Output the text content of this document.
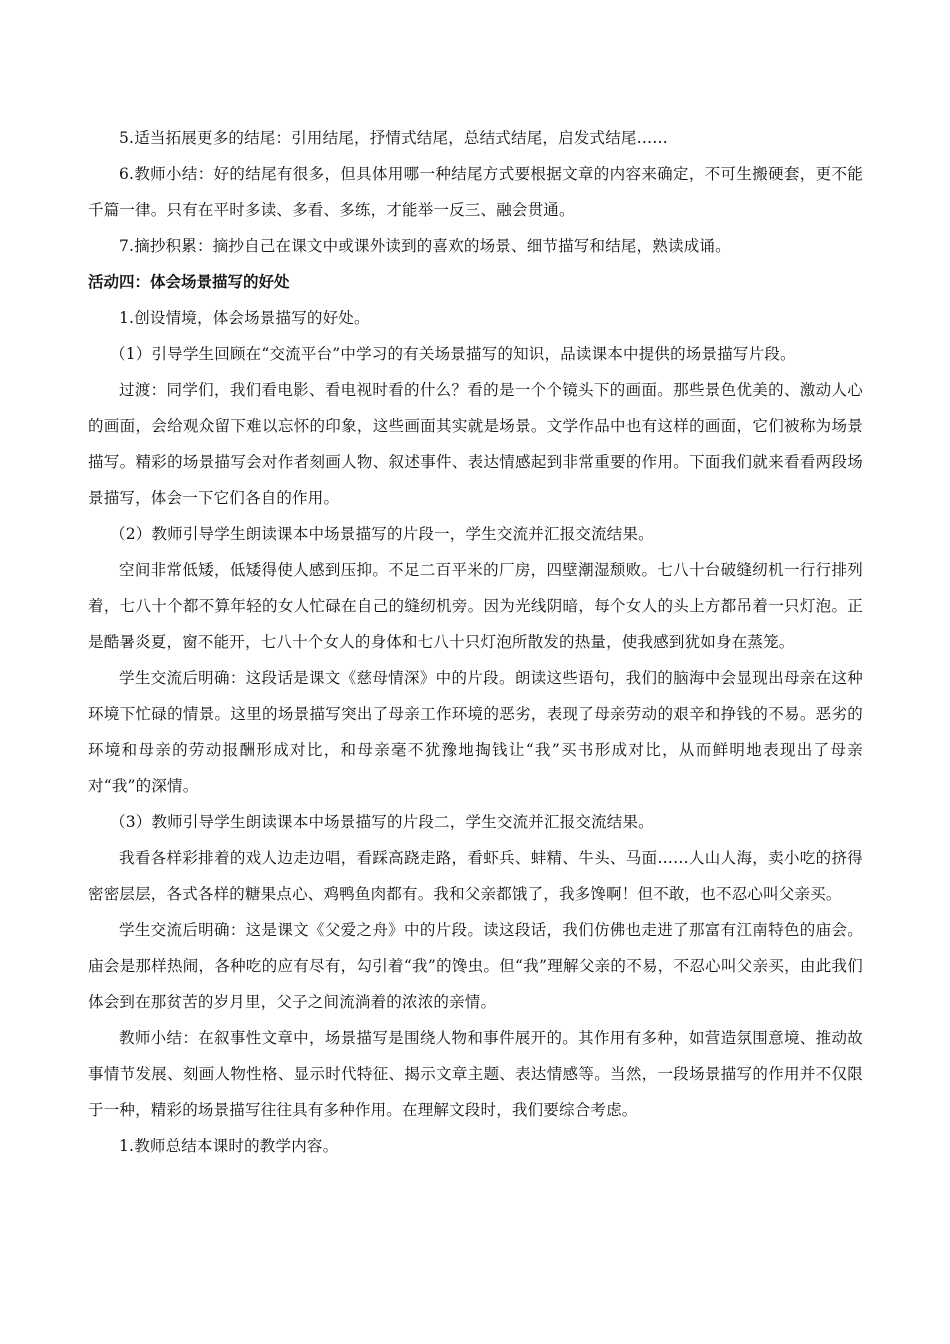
5.适当拓展更多的结尾：引用结尾，抒情式结尾，总结式结尾，启发式结尾……

6.教师小结：好的结尾有很多，但具体用哪一种结尾方式要根据文章的内容来确定，不可生搬硬套，更不能千篇一律。只有在平时多读、多看、多练，才能举一反三、融会贯通。

7.摘抄积累：摘抄自己在课文中或课外读到的喜欢的场景、细节描写和结尾，熟读成诵。

活动四：体会场景描写的好处

1.创设情境，体会场景描写的好处。

（1）引导学生回顾在“交流平台”中学习的有关场景描写的知识，品读课本中提供的场景描写片段。

过渡：同学们，我们看电影、看电视时看的什么？看的是一个个镜头下的画面。那些景色优美的、激动人心的画面，会给观众留下难以忘怀的印象，这些画面其实就是场景。文学作品中也有这样的画面，它们被称为场景描写。精彩的场景描写会对作者刻画人物、叙述事件、表达情感起到非常重要的作用。下面我们就来看看两段场景描写，体会一下它们各自的作用。

（2）教师引导学生朗读课本中场景描写的片段一，学生交流并汇报交流结果。

空间非常低矮，低矮得使人感到压抑。不足二百平米的厂房，四壁潮湿颓败。七八十台破缝纫机一行行排列着，七八十个都不算年轻的女人忙碌在自己的缝纫机旁。因为光线阴暗，每个女人的头上方都吊着一只灯泡。正是酷暑炎夏，窗不能开，七八十个女人的身体和七八十只灯泡所散发的热量，使我感到犹如身在蒸笼。

学生交流后明确：这段话是课文《慈母情深》中的片段。朗读这些语句，我们的脑海中会显现出母亲在这种环境下忙碌的情景。这里的场景描写突出了母亲工作环境的恶劣，表现了母亲劳动的艰辛和挣钱的不易。恶劣的环境和母亲的劳动报酬形成对比，和母亲毫不犹豫地掏钱让“我”买书形成对比，从而鲜明地表现出了母亲对“我”的深情。

（3）教师引导学生朗读课本中场景描写的片段二，学生交流并汇报交流结果。

我看各样彩排着的戏人边走边唱，看踩高跷走路，看虾兵、蚌精、牛头、马面……人山人海，卖小吃的挤得密密层层，各式各样的糖果点心、鸡鸭鱼肉都有。我和父亲都饿了，我多馋啊！但不敢，也不忍心叫父亲买。

学生交流后明确：这是课文《父爱之舟》中的片段。读这段话，我们仿佛也走进了那富有江南特色的庙会。庙会是那样热闹，各种吃的应有尽有，勾引着“我”的馋虫。但“我”理解父亲的不易，不忍心叫父亲买，由此我们体会到在那贫苦的岁月里，父子之间流淌着的浓浓的亲情。

教师小结：在叙事性文章中，场景描写是围绕人物和事件展开的。其作用有多种，如营造氛围意境、推动故事情节发展、刻画人物性格、显示时代特征、揭示文章主题、表达情感等。当然，一段场景描写的作用并不仅限于一种，精彩的场景描写往往具有多种作用。在理解文段时，我们要综合考虑。

1.教师总结本课时的教学内容。
